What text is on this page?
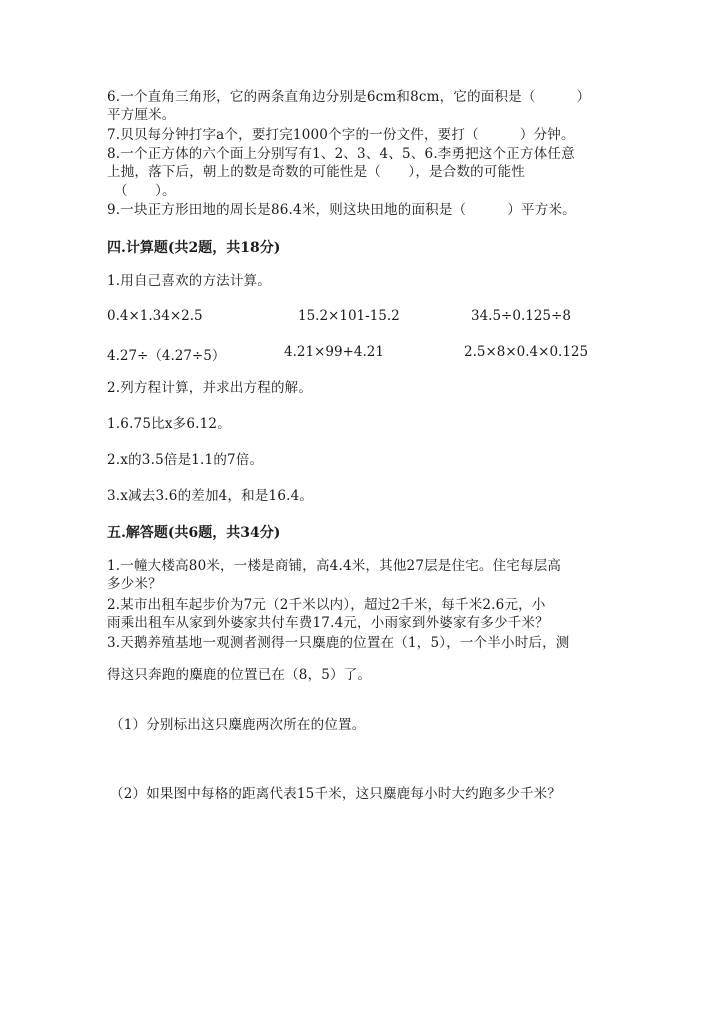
6.一个直角三角形，它的两条直角边分别是6cm和8cm，它的面积是（　　　）
平方厘米。
7.贝贝每分钟打字a个，要打完1000个字的一份文件，要打（　　　）分钟。
8.一个正方体的六个面上分别写有1、2、3、4、5、6.李勇把这个正方体任意
上抛，落下后，朝上的数是奇数的可能性是（　　），是合数的可能性
（　　）。
9.一块正方形田地的周长是86.4米，则这块田地的面积是（　　　）平方米。
四.计算题(共2题，共18分)
1.用自己喜欢的方法计算。
0.4×1.34×2.5	15.2×101-15.2	34.5÷0.125÷8
4.27÷（4.27÷5）	4.21×99+4.21	2.5×8×0.4×0.125
2.列方程计算，并求出方程的解。
1.6.75比x多6.12。
2.x的3.5倍是1.1的7倍。
3.x减去3.6的差加4，和是16.4。
五.解答题(共6题，共34分)
1.一幢大楼高80米，一楼是商铺，高4.4米，其他27层是住宅。住宅每层高
多少米？
2.某市出租车起步价为7元（2千米以内），超过2千米，每千米2.6元，小
雨乘出租车从家到外婆家共付车费17.4元，小雨家到外婆家有多少千米？
3.天鹅养殖基地一观测者测得一只麋鹿的位置在（1，5），一个半小时后，测
得这只奔跑的麋鹿的位置已在（8，5）了。
（1）分别标出这只麋鹿两次所在的位置。
（2）如果图中每格的距离代表15千米，这只麋鹿每小时大约跑多少千米？
